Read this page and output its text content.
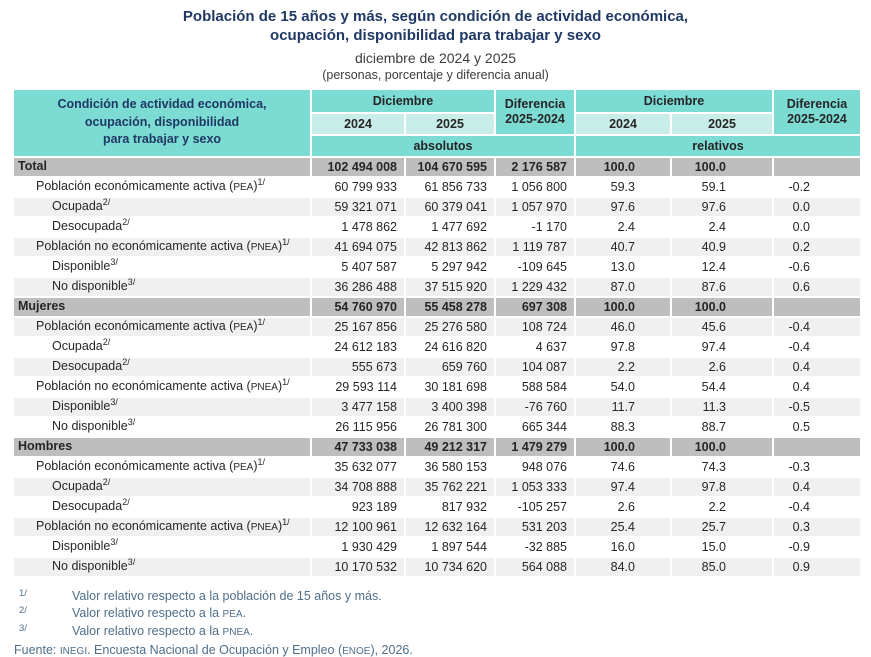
Población de 15 años y más, según condición de actividad económica,
ocupación, disponibilidad para trabajar y sexo
diciembre de 2024 y 2025
(personas, porcentaje y diferencia anual)
Condición de actividad económica,
ocupación, disponibilidad
para trabajar y sexo	Diciembre		Diferencia
2025-2024	Diciembre		Diferencia
2025-2024

	2024	2025		2024	2025	
	absolutos			relativos		
Total	102 494 008	104 670 595	2 176 587	100.0	100.0	
Población económicamente activa (PEA)$^{1/}$	60 799 933	61 856 733	1 056 800	59.3	59.1	-0.2
Ocupada$^{2/}$	59 321 071	60 379 041	1 057 970	97.6	97.6	0.0
Desocupada$^{2/}$	1 478 862	1 477 692	-1 170	2.4	2.4	0.0
Población no económicamente activa (PNEA)$^{1/}$	41 694 075	42 813 862	1 119 787	40.7	40.9	0.2
Disponible$^{3/}$	5 407 587	5 297 942	-109 645	13.0	12.4	-0.6
No disponible$^{3/}$	36 286 488	37 515 920	1 229 432	87.0	87.6	0.6
Mujeres	54 760 970	55 458 278	697 308	100.0	100.0	
Población económicamente activa (PEA)$^{1/}$	25 167 856	25 276 580	108 724	46.0	45.6	-0.4
Ocupada$^{2/}$	24 612 183	24 616 820	4 637	97.8	97.4	-0.4
Desocupada$^{2/}$	555 673	659 760	104 087	2.2	2.6	0.4
Población no económicamente activa (PNEA)$^{1/}$	29 593 114	30 181 698	588 584	54.0	54.4	0.4
Disponible$^{3/}$	3 477 158	3 400 398	-76 760	11.7	11.3	-0.5
No disponible$^{3/}$	26 115 956	26 781 300	665 344	88.3	88.7	0.5
Hombres	47 733 038	49 212 317	1 479 279	100.0	100.0	
Población económicamente activa (PEA)$^{1/}$	35 632 077	36 580 153	948 076	74.6	74.3	-0.3
Ocupada$^{2/}$	34 708 888	35 762 221	1 053 333	97.4	97.8	0.4
Desocupada$^{2/}$	923 189	817 932	-105 257	2.6	2.2	-0.4
Población no económicamente activa (PNEA)$^{1/}$	12 100 961	12 632 164	531 203	25.4	25.7	0.3
Disponible$^{3/}$	1 930 429	1 897 544	-32 885	16.0	15.0	-0.9
No disponible$^{3/}$	10 170 532	10 734 620	564 088	84.0	85.0	0.9
1/	Valor relativo respecto a la población de 15 años y más.
2/	Valor relativo respecto a la PEA.
3/	Valor relativo respecto a la PNEA.
Fuente: INEGI. Encuesta Nacional de Ocupación y Empleo (ENOE), 2026.
